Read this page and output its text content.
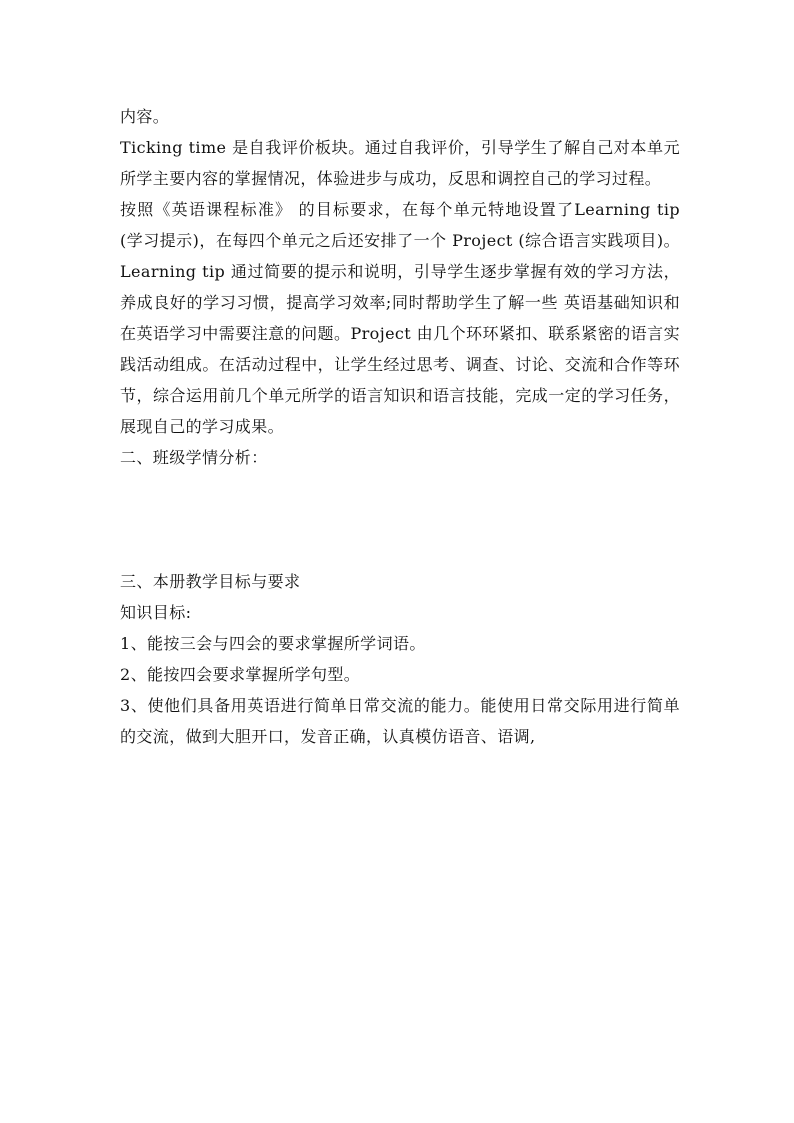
内容。

Ticking time 是自我评价板块。通过自我评价，引导学生了解自己对本单元所学主要内容的掌握情况，体验进步与成功，反思和调控自己的学习过程。

按照《英语课程标准》 的目标要求，在每个单元特地设置了Learning tip (学习提示)，在每四个单元之后还安排了一个 Project (综合语言实践项目)。Learning tip 通过简要的提示和说明，引导学生逐步掌握有效的学习方法，养成良好的学习习惯，提高学习效率;同时帮助学生了解一些 英语基础知识和在英语学习中需要注意的问题。Project 由几个环环紧扣、联系紧密的语言实践活动组成。在活动过程中，让学生经过思考、调查、讨论、交流和合作等环节，综合运用前几个单元所学的语言知识和语言技能，完成一定的学习任务，展现自己的学习成果。

二、班级学情分析：

三、本册教学目标与要求

知识目标:

1、能按三会与四会的要求掌握所学词语。

2、能按四会要求掌握所学句型。

3、使他们具备用英语进行简单日常交流的能力。能使用日常交际用进行简单的交流，做到大胆开口，发音正确，认真模仿语音、语调,
